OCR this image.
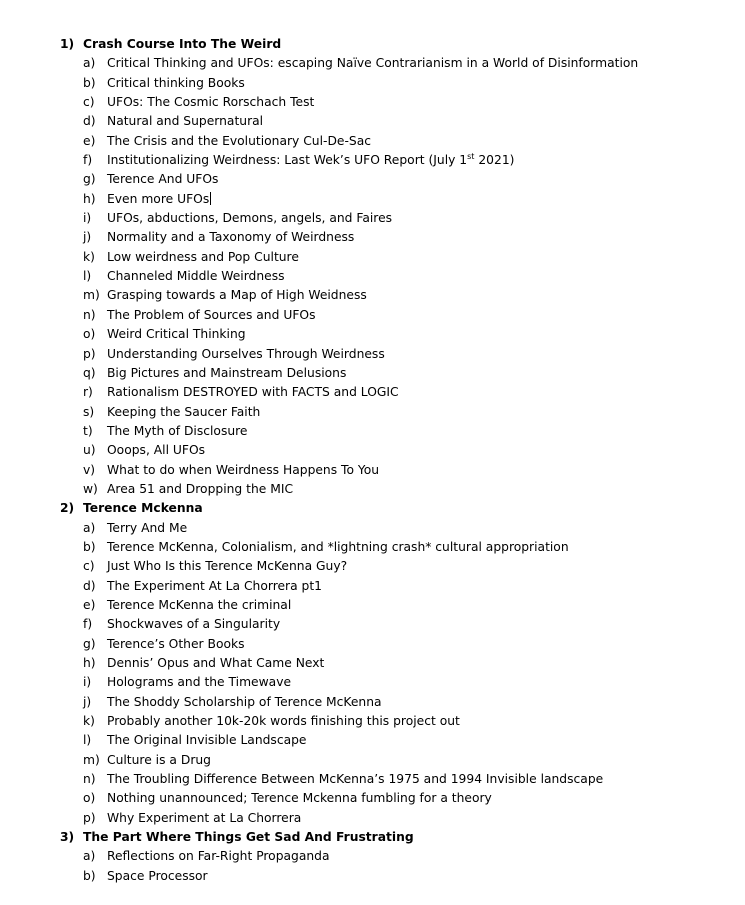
1) Crash Course Into The Weird
a) Critical Thinking and UFOs: escaping Naïve Contrarianism in a World of Disinformation
b) Critical thinking Books
c) UFOs: The Cosmic Rorschach Test
d) Natural and Supernatural
e) The Crisis and the Evolutionary Cul-De-Sac
f) Institutionalizing Weirdness: Last Wek’s UFO Report (July 1st 2021)
g) Terence And UFOs
h) Even more UFOs
i) UFOs, abductions, Demons, angels, and Faires
j) Normality and a Taxonomy of Weirdness
k) Low weirdness and Pop Culture
l) Channeled Middle Weirdness
m) Grasping towards a Map of High Weidness
n) The Problem of Sources and UFOs
o) Weird Critical Thinking
p) Understanding Ourselves Through Weirdness
q) Big Pictures and Mainstream Delusions
r) Rationalism DESTROYED with FACTS and LOGIC
s) Keeping the Saucer Faith
t) The Myth of Disclosure
u) Ooops, All UFOs
v) What to do when Weirdness Happens To You
w) Area 51 and Dropping the MIC
2) Terence Mckenna
a) Terry And Me
b) Terence McKenna, Colonialism, and *lightning crash* cultural appropriation
c) Just Who Is this Terence McKenna Guy?
d) The Experiment At La Chorrera pt1
e) Terence McKenna the criminal
f) Shockwaves of a Singularity
g) Terence’s Other Books
h) Dennis’ Opus and What Came Next
i) Holograms and the Timewave
j) The Shoddy Scholarship of Terence McKenna
k) Probably another 10k-20k words finishing this project out
l) The Original Invisible Landscape
m) Culture is a Drug
n) The Troubling Difference Between McKenna’s 1975 and 1994 Invisible landscape
o) Nothing unannounced; Terence Mckenna fumbling for a theory
p) Why Experiment at La Chorrera
3) The Part Where Things Get Sad And Frustrating
a) Reflections on Far-Right Propaganda
b) Space Processor
